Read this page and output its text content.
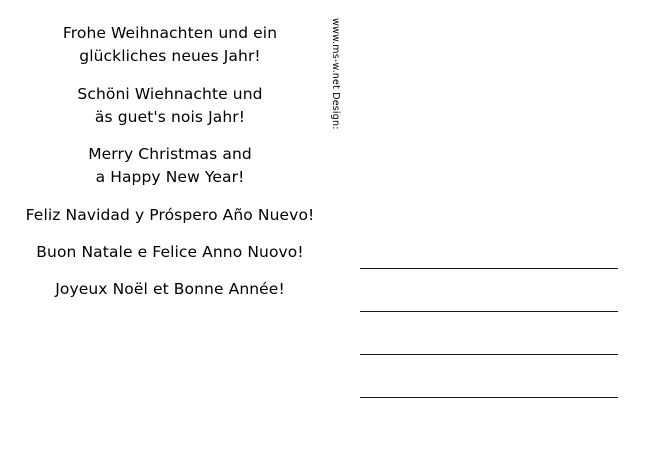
Frohe Weihnachten und ein
glückliches neues Jahr!
Schöni Wiehnachte und
äs guet's nois Jahr!
Merry Christmas and
a Happy New Year!
Feliz Navidad y Próspero Año Nuevo!
Buon Natale e Felice Anno Nuovo!
Joyeux Noël et Bonne Année!
www.ms-w.net Design:
